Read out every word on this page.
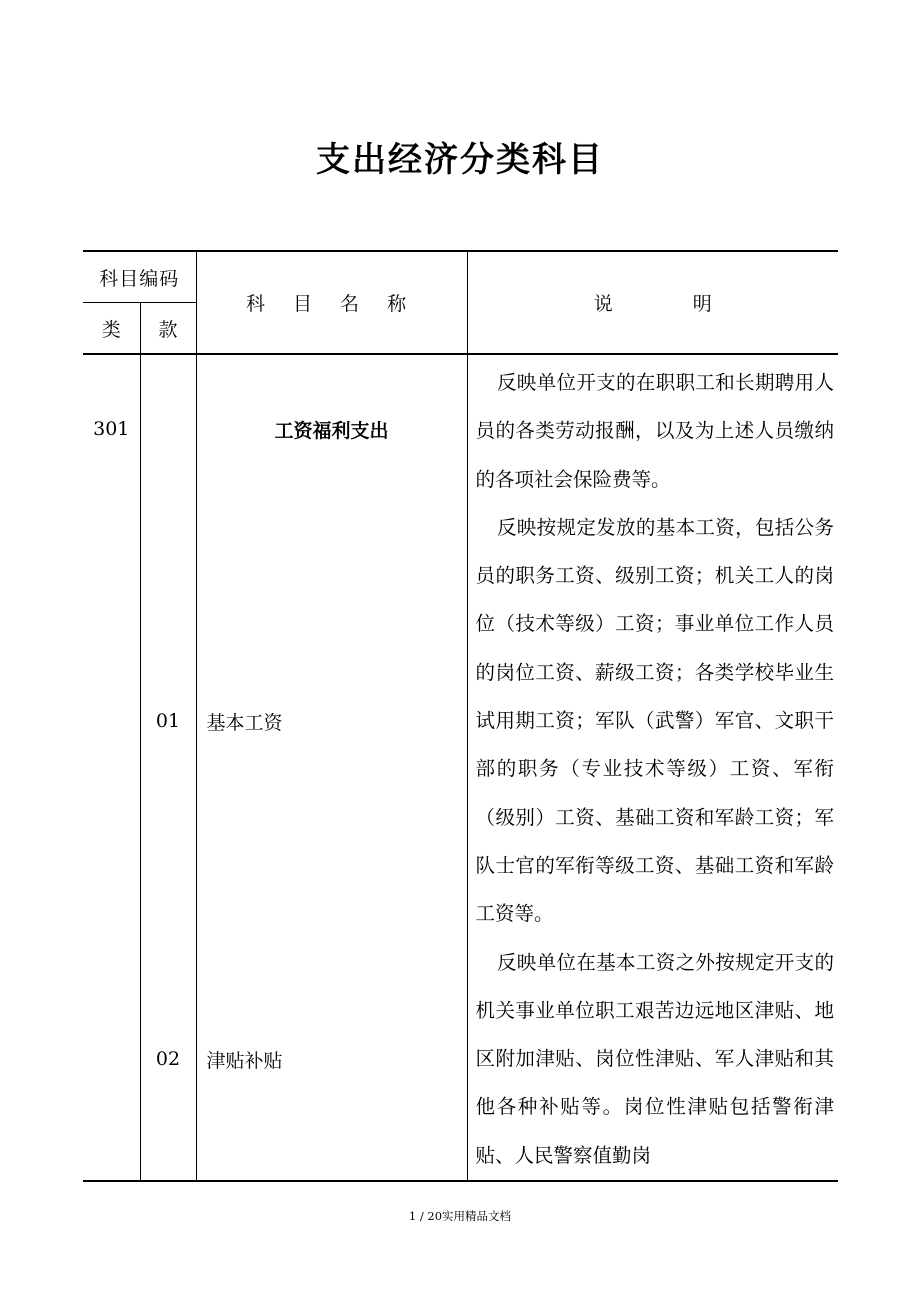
支出经济分类科目
科目编码		科 目 名 称	说 明
类	款		
301		工资福利支出	反映单位开支的在职职工和长期聘用人员的各类劳动报酬，以及为上述人员缴纳的各项社会保险费等。
	01	基本工资	反映按规定发放的基本工资，包括公务员的职务工资、级别工资；机关工人的岗位（技术等级）工资；事业单位工作人员的岗位工资、薪级工资；各类学校毕业生试用期工资；军队（武警）军官、文职干部的职务（专业技术等级）工资、军衔（级别）工资、基础工资和军龄工资；军队士官的军衔等级工资、基础工资和军龄工资等。
	02	津贴补贴	反映单位在基本工资之外按规定开支的机关事业单位职工艰苦边远地区津贴、地区附加津贴、岗位性津贴、军人津贴和其他各种补贴等。岗位性津贴包括警衔津贴、人民警察值勤岗
1 / 20实用精品文档
